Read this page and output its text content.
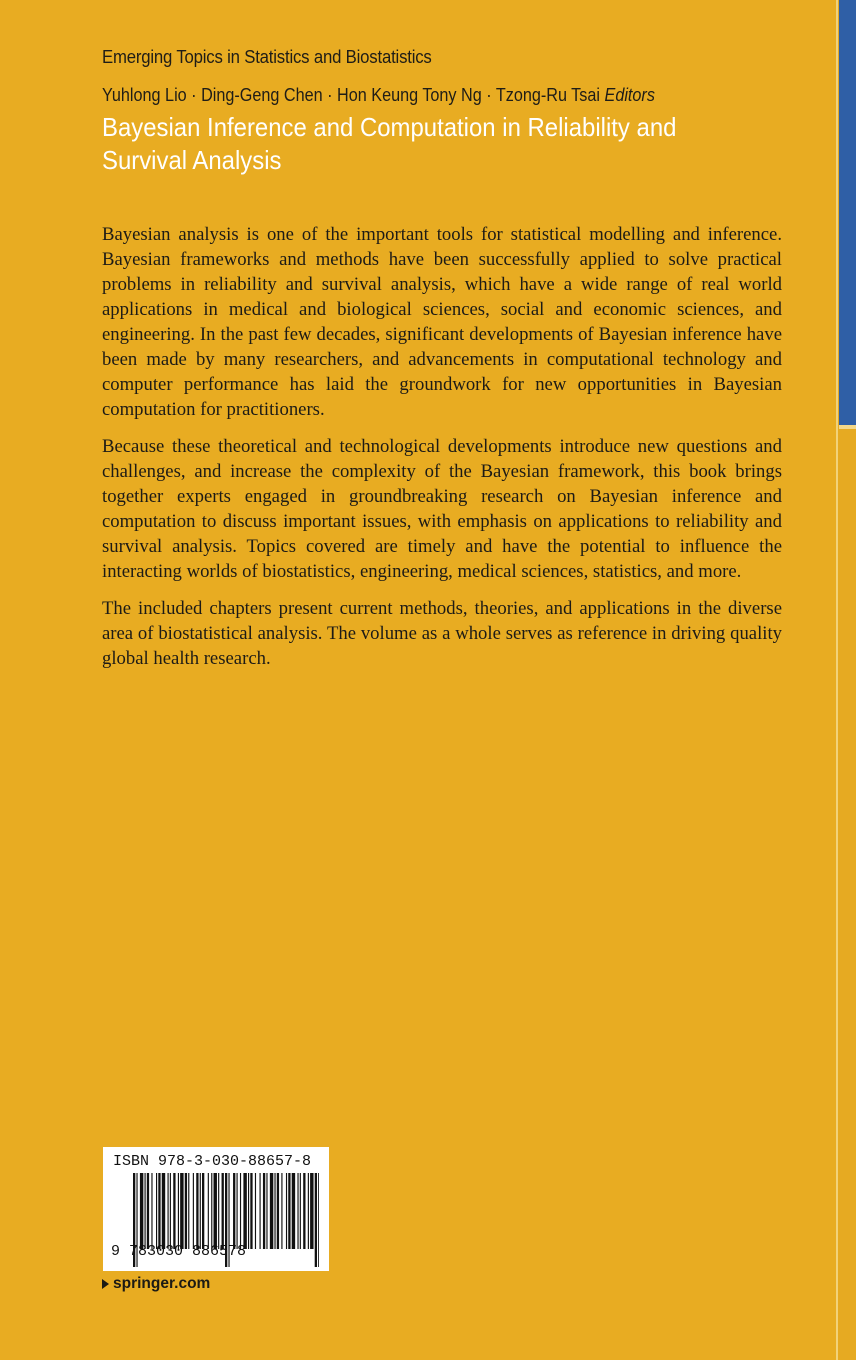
Emerging Topics in Statistics and Biostatistics
Yuhlong Lio · Ding-Geng Chen · Hon Keung Tony Ng · Tzong-Ru Tsai Editors
Bayesian Inference and Computation in Reliability and Survival Analysis

Bayesian analysis is one of the important tools for statistical modelling and inference. Bayesian frameworks and methods have been successfully applied to solve practical problems in reliability and survival analysis, which have a wide range of real world applications in medical and biological sciences, social and economic sciences, and engineering. In the past few decades, significant developments of Bayesian inference have been made by many researchers, and advancements in computational technology and computer performance has laid the groundwork for new opportunities in Bayesian computation for practitioners.

Because these theoretical and technological developments introduce new questions and challenges, and increase the complexity of the Bayesian framework, this book brings together experts engaged in groundbreaking research on Bayesian inference and computation to discuss important issues, with emphasis on applications to reliability and survival analysis. Topics covered are timely and have the potential to influence the interacting worlds of biostatistics, engineering, medical sciences, statistics, and more.

The included chapters present current methods, theories, and applications in the diverse area of biostatistical analysis. The volume as a whole serves as reference in driving quality global health research.

ISBN 978-3-030-88657-8
9 783030 886578
springer.com
